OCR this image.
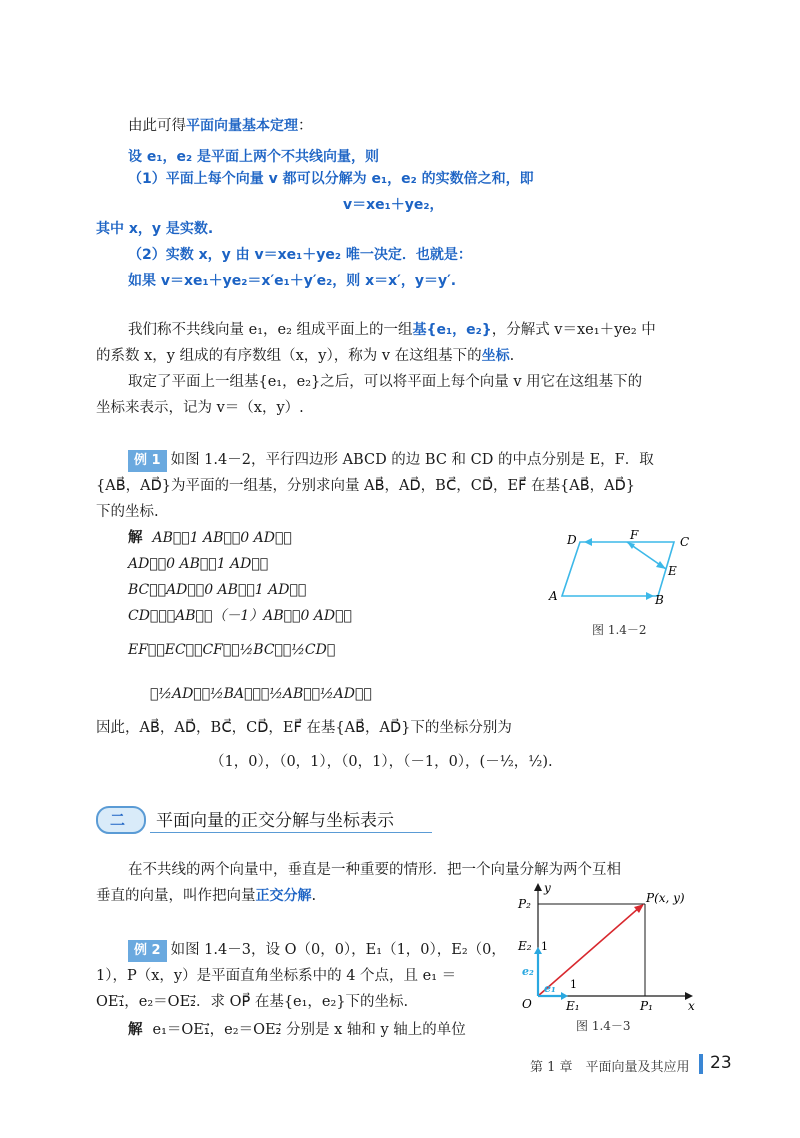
由此可得平面向量基本定理：
设 e₁，e₂ 是平面上两个不共线向量，则
（1）平面上每个向量 v 都可以分解为 e₁，e₂ 的实数倍之和，即
v＝xe₁＋ye₂，
其中 x，y 是实数.
（2）实数 x，y 由 v＝xe₁＋ye₂ 唯一决定．也就是：
如果 v＝xe₁＋ye₂＝x′e₁＋y′e₂，则 x＝x′，y＝y′.
我们称不共线向量 e₁，e₂ 组成平面上的一组基{e₁，e₂}，分解式 v＝xe₁＋ye₂ 中
的系数 x，y 组成的有序数组（x，y），称为 v 在这组基下的坐标.
取定了平面上一组基{e₁，e₂}之后，可以将平面上每个向量 v 用它在这组基下的
坐标来表示，记为 v＝（x，y）.
例 1 如图 1.4－2，平行四边形 ABCD 的边 BC 和 CD 的中点分别是 E，F．取
{AB⃗，AD⃗}为平面的一组基，分别求向量 AB⃗，AD⃗，BC⃗，CD⃗，EF⃗ 在基{AB⃗，AD⃗}
下的坐标.
解 AB⃗＝1 AB⃗＋0 AD⃗，
AD⃗＝0 AB⃗＋1 AD⃗，
BC⃗＝AD⃗＝0 AB⃗＋1 AD⃗，
CD⃗＝－AB⃗＝（－1）AB⃗＋0 AD⃗，
EF⃗＝EC⃗＋CF⃗＝½BC⃗＋½CD⃗
＝½AD⃗＋½BA⃗＝－½AB⃗＋½AD⃗，
因此，AB⃗，AD⃗，BC⃗，CD⃗，EF⃗ 在基{AB⃗，AD⃗}下的坐标分别为
（1，0），（0，1），（0，1），（－1，0），(－½，½).
A	B
C
D
E
F
图 1.4－2
二 平面向量的正交分解与坐标表示
在不共线的两个向量中，垂直是一种重要的情形．把一个向量分解为两个互相
垂直的向量，叫作把向量正交分解.
例 2 如图 1.4－3，设 O（0，0），E₁（1，0），E₂（0，
1），P（x，y）是平面直角坐标系中的 4 个点，且 e₁ ＝
OE₁⃗，e₂＝OE₂⃗．求 OP⃗ 在基{e₁，e₂}下的坐标.
解 e₁＝OE₁⃗，e₂＝OE₂⃗ 分别是 x 轴和 y 轴上的单位
y
x
O
P(x, y)
P₁
P₂
E₁
E₂
e₁
e₂
1
1
图 1.4－3
第 1 章　平面向量及其应用 23
